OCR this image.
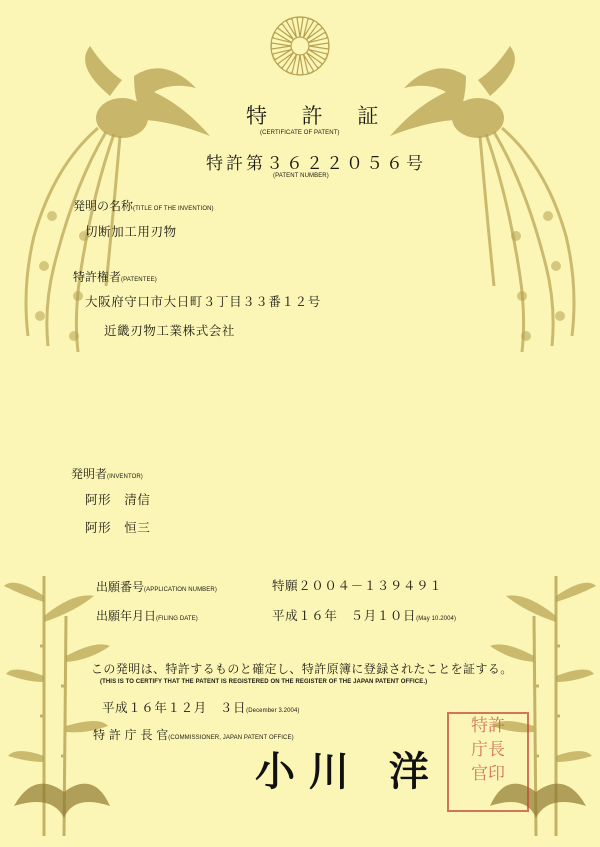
特 許 証
(CERTIFICATE OF PATENT)
特許第３６２２０５６号
(PATENT NUMBER)
発明の名称(TITLE OF THE INVENTION)
切断加工用刃物
特許権者(PATENTEE)
大阪府守口市大日町３丁目３３番１２号
近畿刃物工業株式会社
発明者(INVENTOR)
阿形　清信
阿形　恒三
出願番号(APPLICATION NUMBER)	特願２００４－１３９４９１
出願年月日(FILING DATE)	平成１６年　５月１０日(May 10.2004)
この発明は、特許するものと確定し、特許原簿に登録されたことを証する。
(THIS IS TO CERTIFY THAT THE PATENT IS REGISTERED ON THE REGISTER OF THE JAPAN PATENT OFFICE.)
平成１６年１２月　３日(December 3.2004)
特 許 庁 長 官(COMMISSIONER, JAPAN PATENT OFFICE)
小 川　洋
特許
庁長
官印
